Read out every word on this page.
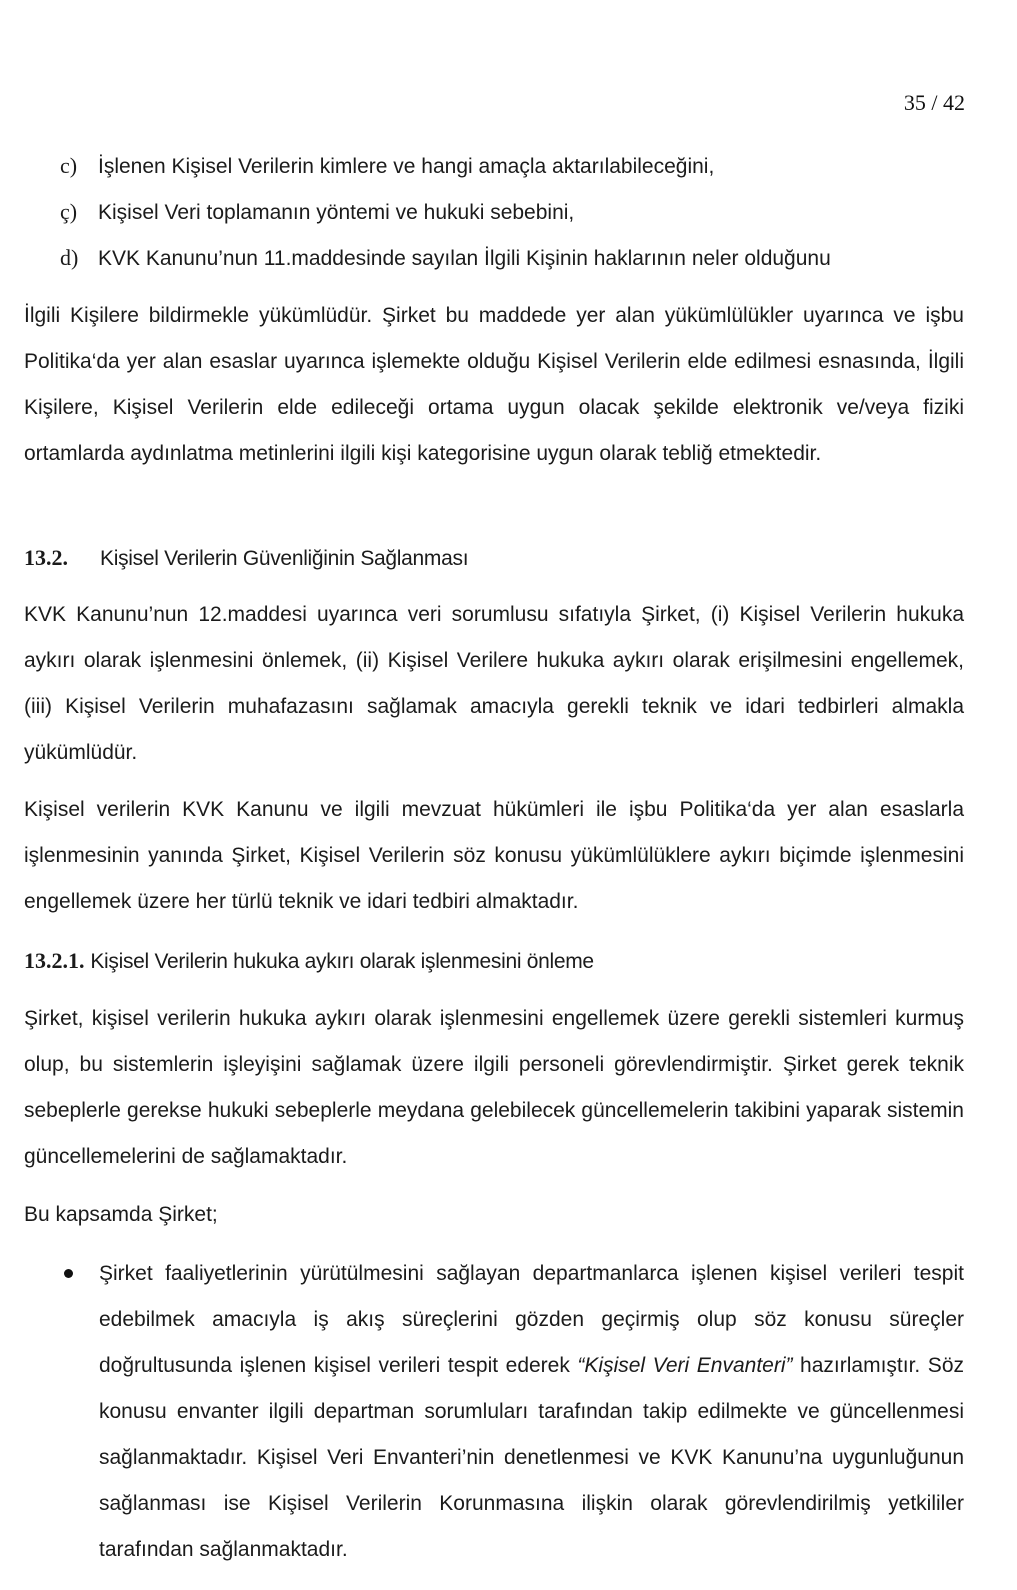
35 / 42
c) İşlenen Kişisel Verilerin kimlere ve hangi amaçla aktarılabileceğini,
ç) Kişisel Veri toplamanın yöntemi ve hukuki sebebini,
d) KVK Kanunu’nun 11.maddesinde sayılan İlgili Kişinin haklarının neler olduğunu
İlgili Kişilere bildirmekle yükümlüdür. Şirket bu maddede yer alan yükümlülükler uyarınca ve işbu Politika‘da yer alan esaslar uyarınca işlemekte olduğu Kişisel Verilerin elde edilmesi esnasında, İlgili Kişilere, Kişisel Verilerin elde edileceği ortama uygun olacak şekilde elektronik ve/veya fiziki ortamlarda aydınlatma metinlerini ilgili kişi kategorisine uygun olarak tebliğ etmektedir.
13.2. Kişisel Verilerin Güvenliğinin Sağlanması
KVK Kanunu’nun 12.maddesi uyarınca veri sorumlusu sıfatıyla Şirket, (i) Kişisel Verilerin hukuka aykırı olarak işlenmesini önlemek, (ii) Kişisel Verilere hukuka aykırı olarak erişilmesini engellemek, (iii) Kişisel Verilerin muhafazasını sağlamak amacıyla gerekli teknik ve idari tedbirleri almakla yükümlüdür.
Kişisel verilerin KVK Kanunu ve ilgili mevzuat hükümleri ile işbu Politika‘da yer alan esaslarla işlenmesinin yanında Şirket, Kişisel Verilerin söz konusu yükümlülüklere aykırı biçimde işlenmesini engellemek üzere her türlü teknik ve idari tedbiri almaktadır.
13.2.1. Kişisel Verilerin hukuka aykırı olarak işlenmesini önleme
Şirket, kişisel verilerin hukuka aykırı olarak işlenmesini engellemek üzere gerekli sistemleri kurmuş olup, bu sistemlerin işleyişini sağlamak üzere ilgili personeli görevlendirmiştir. Şirket gerek teknik sebeplerle gerekse hukuki sebeplerle meydana gelebilecek güncellemelerin takibini yaparak sistemin güncellemelerini de sağlamaktadır.
Bu kapsamda Şirket;
Şirket faaliyetlerinin yürütülmesini sağlayan departmanlarca işlenen kişisel verileri tespit edebilmek amacıyla iş akış süreçlerini gözden geçirmiş olup söz konusu süreçler doğrultusunda işlenen kişisel verileri tespit ederek “Kişisel Veri Envanteri” hazırlamıştır. Söz konusu envanter ilgili departman sorumluları tarafından takip edilmekte ve güncellenmesi sağlanmaktadır. Kişisel Veri Envanteri’nin denetlenmesi ve KVK Kanunu’na uygunluğunun sağlanması ise Kişisel Verilerin Korunmasına ilişkin olarak görevlendirilmiş yetkililer tarafından sağlanmaktadır.
